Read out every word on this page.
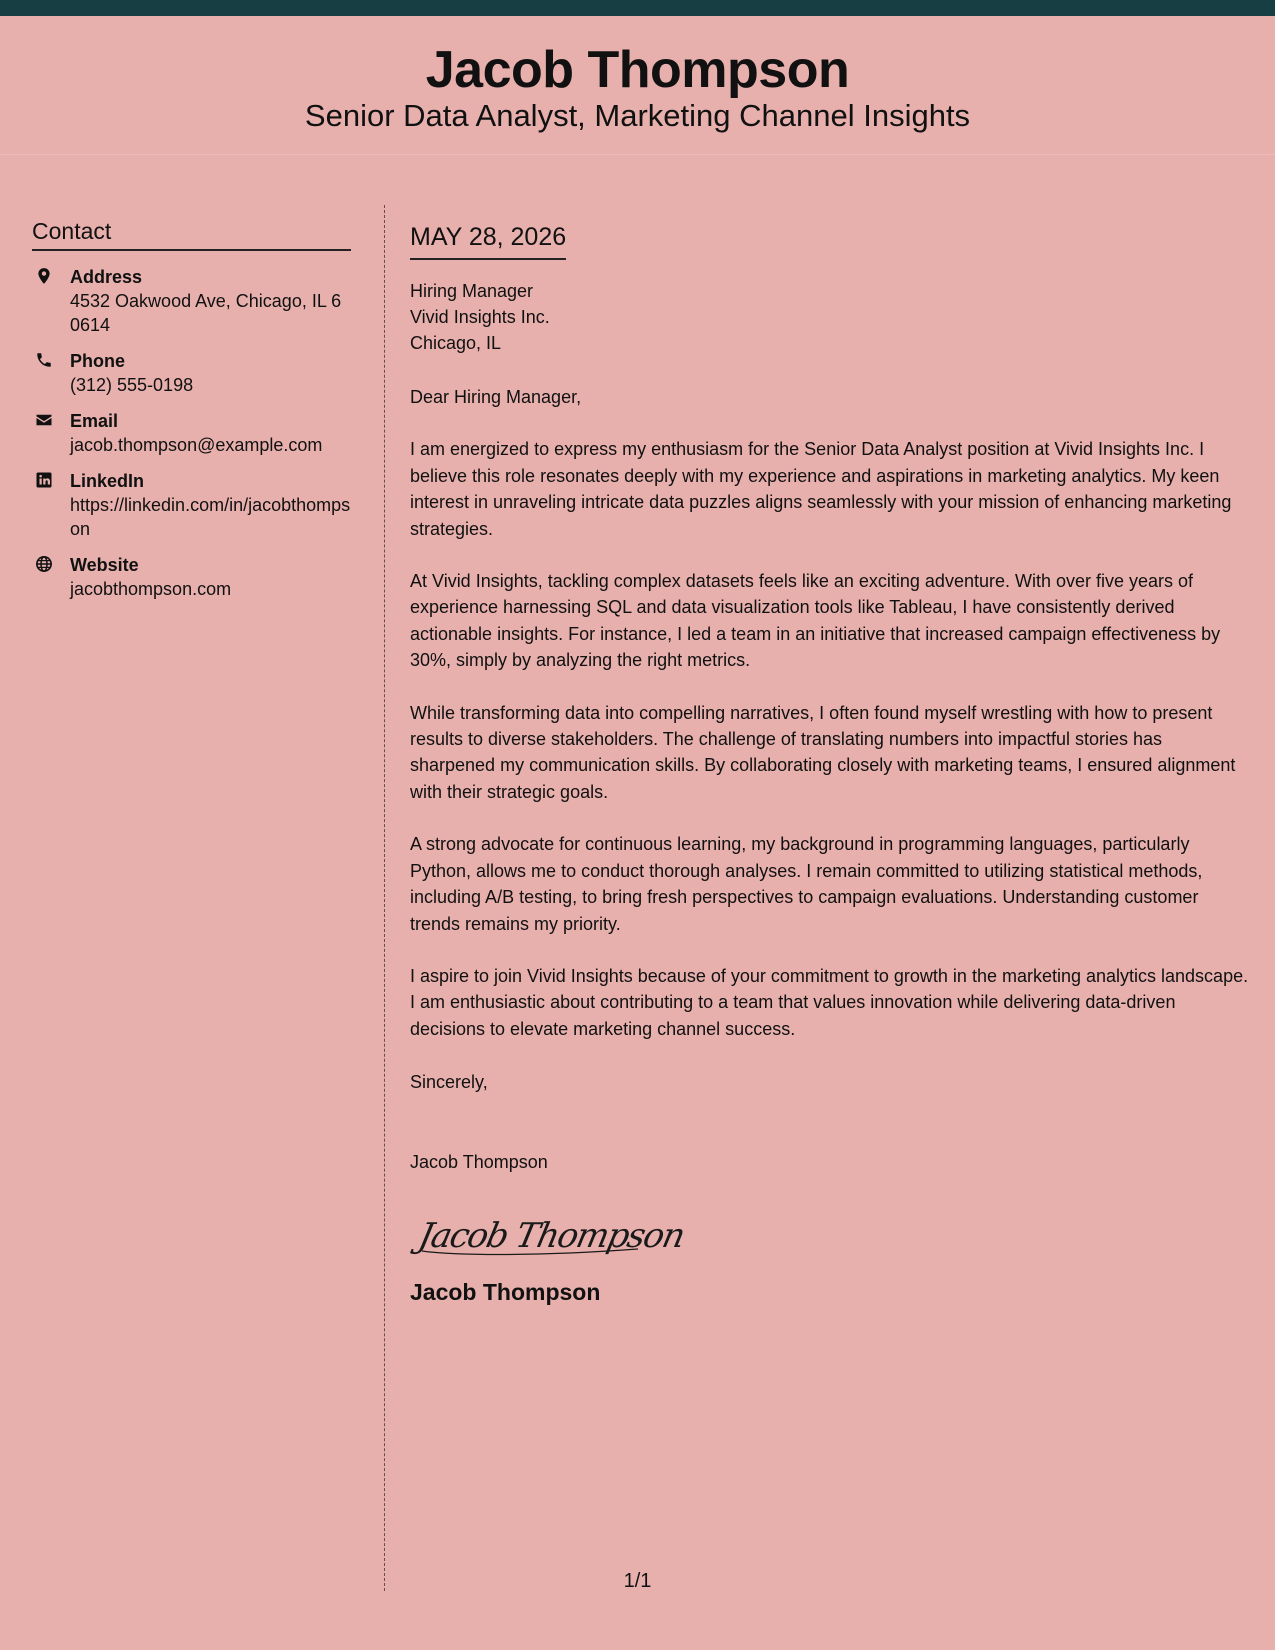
Jacob Thompson
Senior Data Analyst, Marketing Channel Insights
Contact
Address
4532 Oakwood Ave, Chicago, IL 60614
Phone
(312) 555-0198
Email
jacob.thompson@example.com
LinkedIn
https://linkedin.com/in/jacobthompson
Website
jacobthompson.com
MAY 28, 2026
Hiring Manager
Vivid Insights Inc.
Chicago, IL
Dear Hiring Manager,

I am energized to express my enthusiasm for the Senior Data Analyst position at Vivid Insights Inc. I believe this role resonates deeply with my experience and aspirations in marketing analytics. My keen interest in unraveling intricate data puzzles aligns seamlessly with your mission of enhancing marketing strategies.

At Vivid Insights, tackling complex datasets feels like an exciting adventure. With over five years of experience harnessing SQL and data visualization tools like Tableau, I have consistently derived actionable insights. For instance, I led a team in an initiative that increased campaign effectiveness by 30%, simply by analyzing the right metrics.

While transforming data into compelling narratives, I often found myself wrestling with how to present results to diverse stakeholders. The challenge of translating numbers into impactful stories has sharpened my communication skills. By collaborating closely with marketing teams, I ensured alignment with their strategic goals.

A strong advocate for continuous learning, my background in programming languages, particularly Python, allows me to conduct thorough analyses. I remain committed to utilizing statistical methods, including A/B testing, to bring fresh perspectives to campaign evaluations. Understanding customer trends remains my priority.

I aspire to join Vivid Insights because of your commitment to growth in the marketing analytics landscape. I am enthusiastic about contributing to a team that values innovation while delivering data-driven decisions to elevate marketing channel success.

Sincerely,
Jacob Thompson
Jacob Thompson
Jacob Thompson
1/1
